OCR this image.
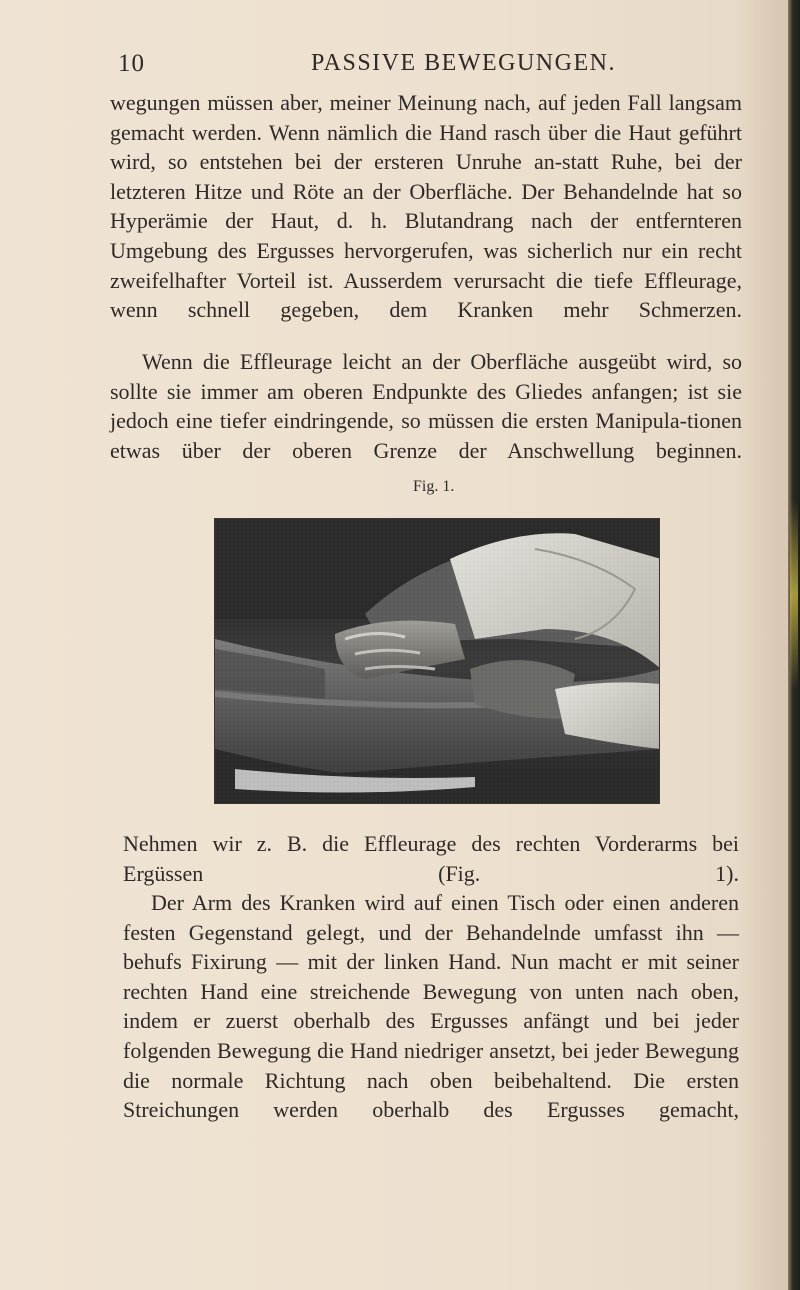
10	PASSIVE BEWEGUNGEN.

wegungen müssen aber, meiner Meinung nach, auf jeden Fall langsam gemacht werden. Wenn nämlich die Hand rasch über die Haut geführt wird, so entstehen bei der ersteren Unruhe an-statt Ruhe, bei der letzteren Hitze und Röte an der Oberfläche. Der Behandelnde hat so Hyperämie der Haut, d. h. Blutandrang nach der entfernteren Umgebung des Ergusses hervorgerufen, was sicherlich nur ein recht zweifelhafter Vorteil ist. Ausserdem verursacht die tiefe Effleurage, wenn schnell gegeben, dem Kranken mehr Schmerzen.

Wenn die Effleurage leicht an der Oberfläche ausgeübt wird, so sollte sie immer am oberen Endpunkte des Gliedes anfangen; ist sie jedoch eine tiefer eindringende, so müssen die ersten Manipula-tionen etwas über der oberen Grenze der Anschwellung beginnen.

Fig. 1.

Nehmen wir z. B. die Effleurage des rechten Vorderarms bei Ergüssen (Fig. 1).

Der Arm des Kranken wird auf einen Tisch oder einen anderen festen Gegenstand gelegt, und der Behandelnde umfasst ihn — behufs Fixirung — mit der linken Hand. Nun macht er mit seiner rechten Hand eine streichende Bewegung von unten nach oben, indem er zuerst oberhalb des Ergusses anfängt und bei jeder folgenden Bewegung die Hand niedriger ansetzt, bei jeder Bewegung die normale Richtung nach oben beibehaltend. Die ersten Streichungen werden oberhalb des Ergusses gemacht,
